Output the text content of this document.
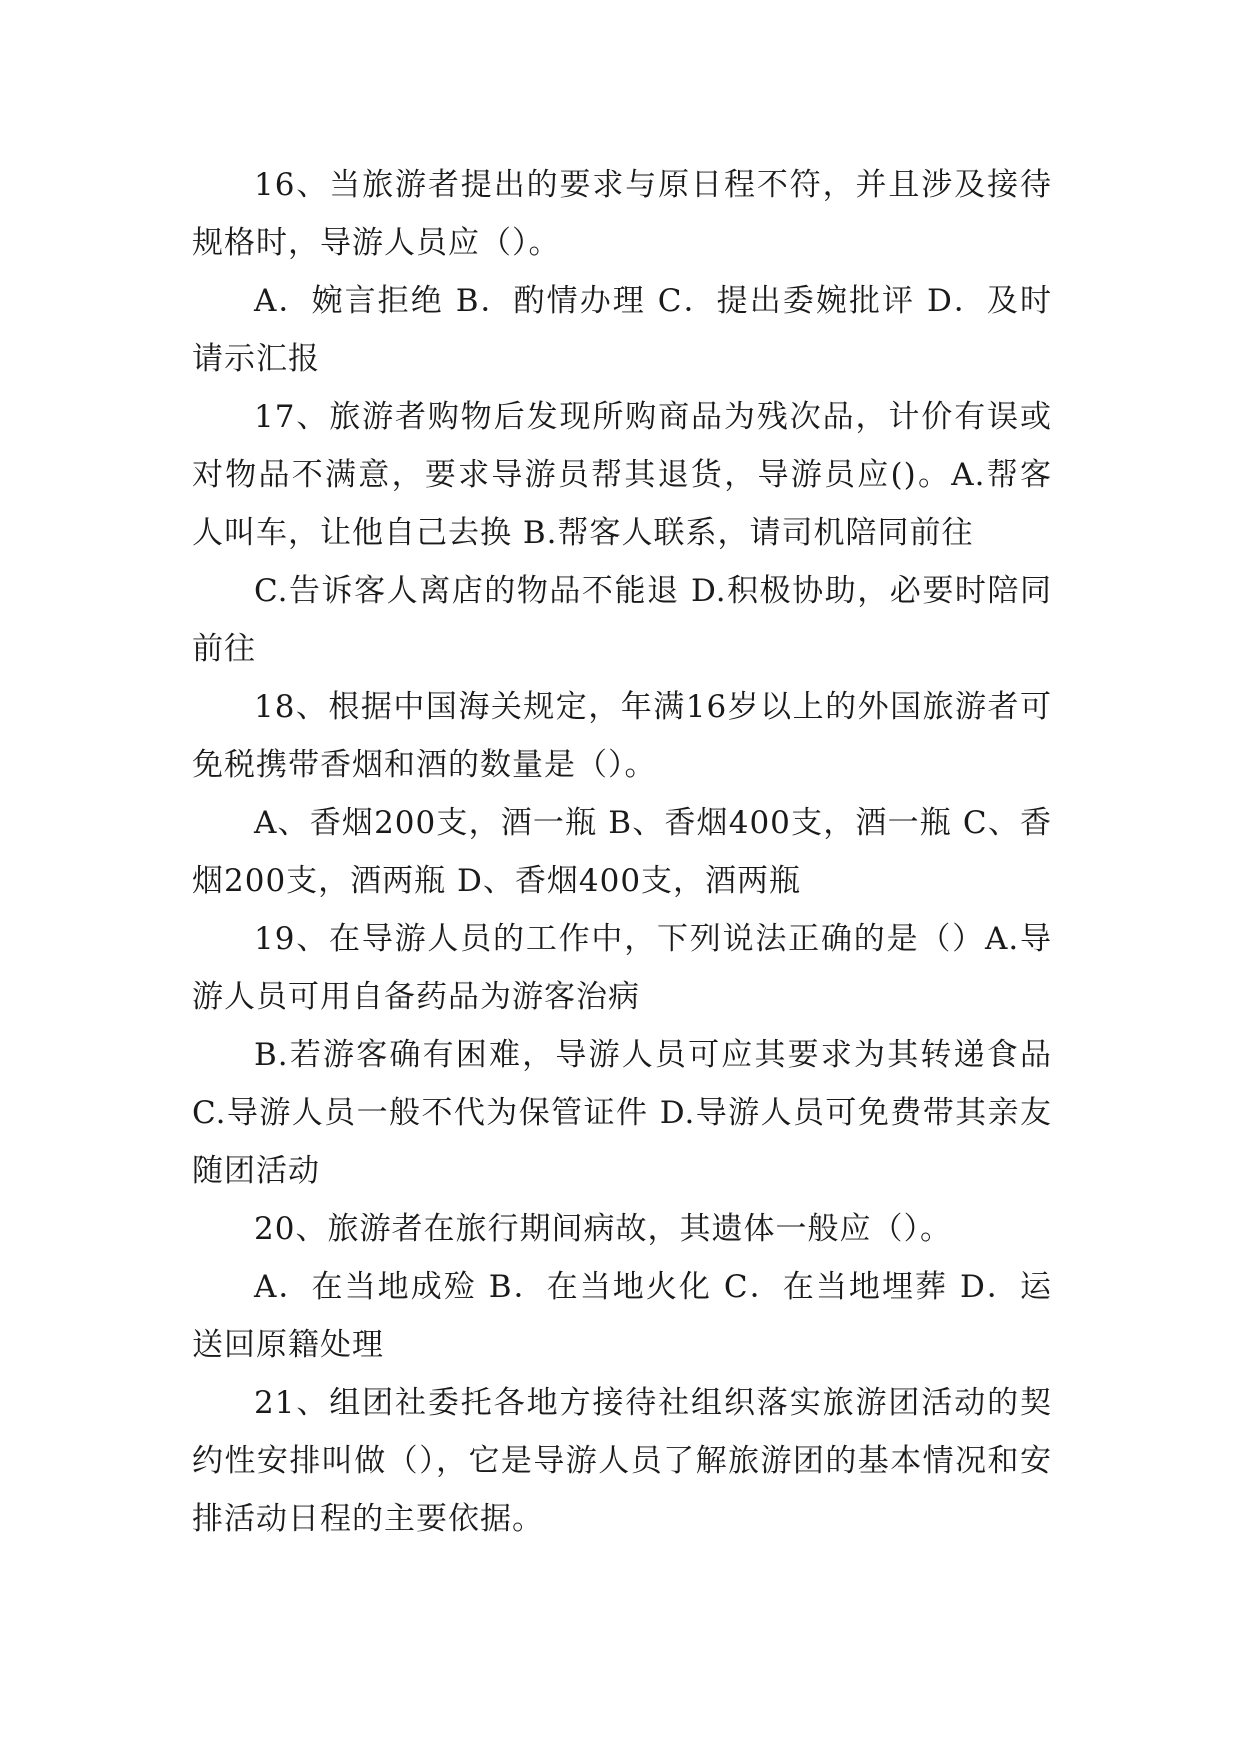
16、当旅游者提出的要求与原日程不符，并且涉及接待规格时，导游人员应（）。

A．婉言拒绝 B．酌情办理 C．提出委婉批评 D．及时请示汇报

17、旅游者购物后发现所购商品为残次品，计价有误或对物品不满意，要求导游员帮其退货，导游员应()。A.帮客人叫车，让他自己去换 B.帮客人联系，请司机陪同前往

C.告诉客人离店的物品不能退 D.积极协助，必要时陪同前往

18、根据中国海关规定，年满16岁以上的外国旅游者可免税携带香烟和酒的数量是（）。

A、香烟200支，酒一瓶 B、香烟400支，酒一瓶 C、香烟200支，酒两瓶 D、香烟400支，酒两瓶

19、在导游人员的工作中，下列说法正确的是（）A.导游人员可用自备药品为游客治病

B.若游客确有困难，导游人员可应其要求为其转递食品C.导游人员一般不代为保管证件 D.导游人员可免费带其亲友随团活动

20、旅游者在旅行期间病故，其遗体一般应（）。

A．在当地成殓 B．在当地火化 C．在当地埋葬 D．运送回原籍处理

21、组团社委托各地方接待社组织落实旅游团活动的契约性安排叫做（），它是导游人员了解旅游团的基本情况和安排活动日程的主要依据。
